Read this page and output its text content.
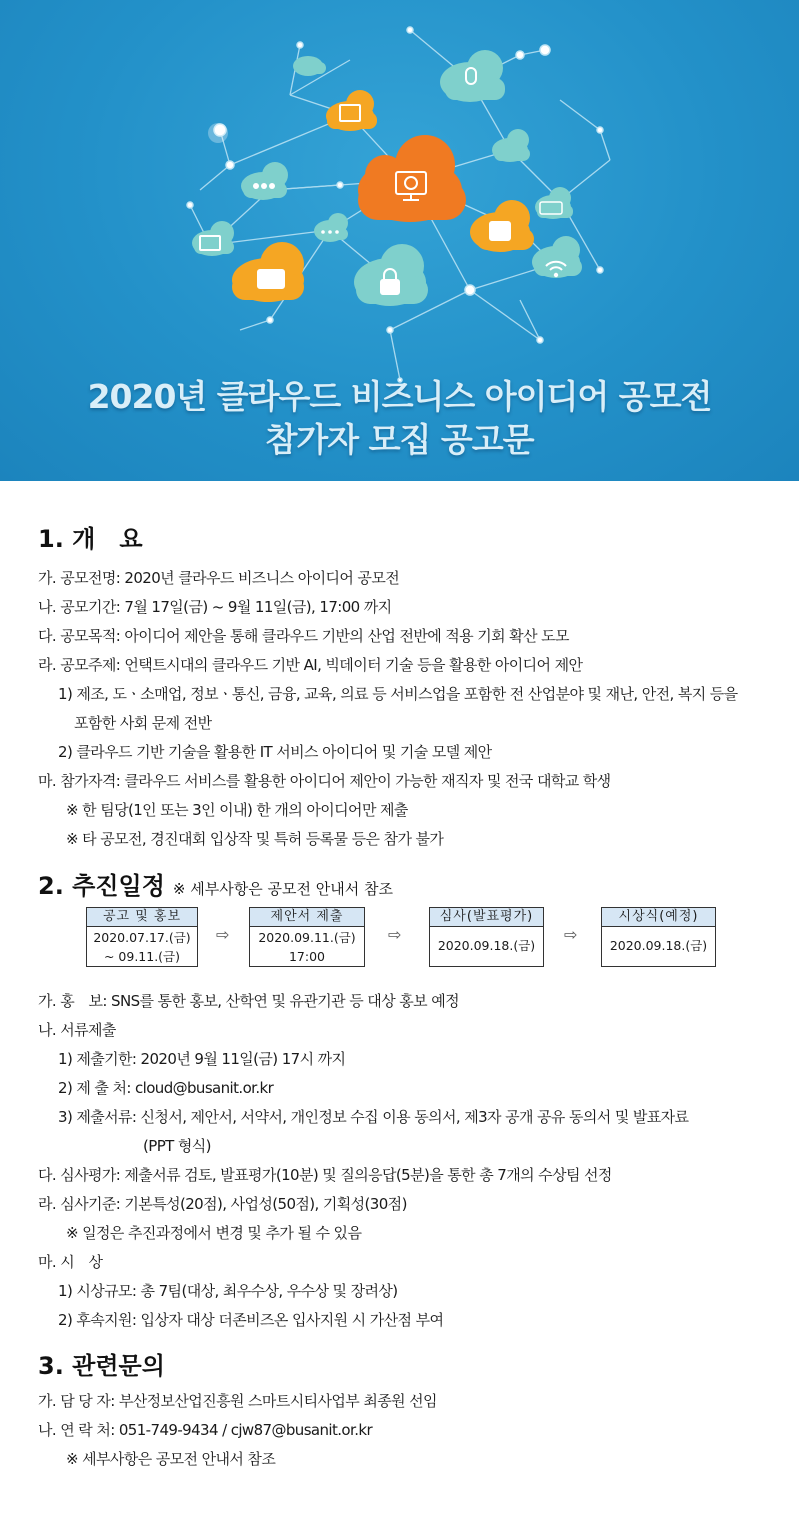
2020년 클라우드 비즈니스 아이디어 공모전
참가자 모집 공고문
1. 개　요
가. 공모전명: 2020년 클라우드 비즈니스 아이디어 공모전
나. 공모기간: 7월 17일(금) ~ 9월 11일(금), 17:00 까지
다. 공모목적: 아이디어 제안을 통해 클라우드 기반의 산업 전반에 적용 기회 확산 도모
라. 공모주제: 언택트시대의 클라우드 기반 AI, 빅데이터 기술 등을 활용한 아이디어 제안
1) 제조, 도ㆍ소매업, 정보ㆍ통신, 금융, 교육, 의료 등 서비스업을 포함한 전 산업분야 및 재난, 안전, 복지 등을
포함한 사회 문제 전반
2) 클라우드 기반 기술을 활용한 IT 서비스 아이디어 및 기술 모델 제안
마. 참가자격: 클라우드 서비스를 활용한 아이디어 제안이 가능한 재직자 및 전국 대학교 학생
※ 한 팀당(1인 또는 3인 이내) 한 개의 아이디어만 제출
※ 타 공모전, 경진대회 입상작 및 특허 등록물 등은 참가 불가
2. 추진일정 ※ 세부사항은 공모전 안내서 참조
공고 및 홍보
2020.07.17.(금)
~ 09.11.(금)
⇨
제안서 제출
2020.09.11.(금)
17:00
⇨
심사(발표평가)
2020.09.18.(금)
⇨
시상식(예정)
2020.09.18.(금)
가. 홍　보: SNS를 통한 홍보, 산학연 및 유관기관 등 대상 홍보 예정
나. 서류제출
1) 제출기한: 2020년 9월 11일(금) 17시 까지
2) 제 출 처: cloud@busanit.or.kr
3) 제출서류: 신청서, 제안서, 서약서, 개인정보 수집 이용 동의서, 제3자 공개 공유 동의서 및 발표자료
(PPT 형식)
다. 심사평가: 제출서류 검토, 발표평가(10분) 및 질의응답(5분)을 통한 총 7개의 수상팀 선정
라. 심사기준: 기본특성(20점), 사업성(50점), 기획성(30점)
※ 일정은 추진과정에서 변경 및 추가 될 수 있음
마. 시　상
1) 시상규모: 총 7팀(대상, 최우수상, 우수상 및 장려상)
2) 후속지원: 입상자 대상 더존비즈온 입사지원 시 가산점 부여
3. 관련문의
가. 담 당 자: 부산정보산업진흥원 스마트시티사업부 최종원 선임
나. 연 락 처: 051-749-9434 / cjw87@busanit.or.kr
※ 세부사항은 공모전 안내서 참조
